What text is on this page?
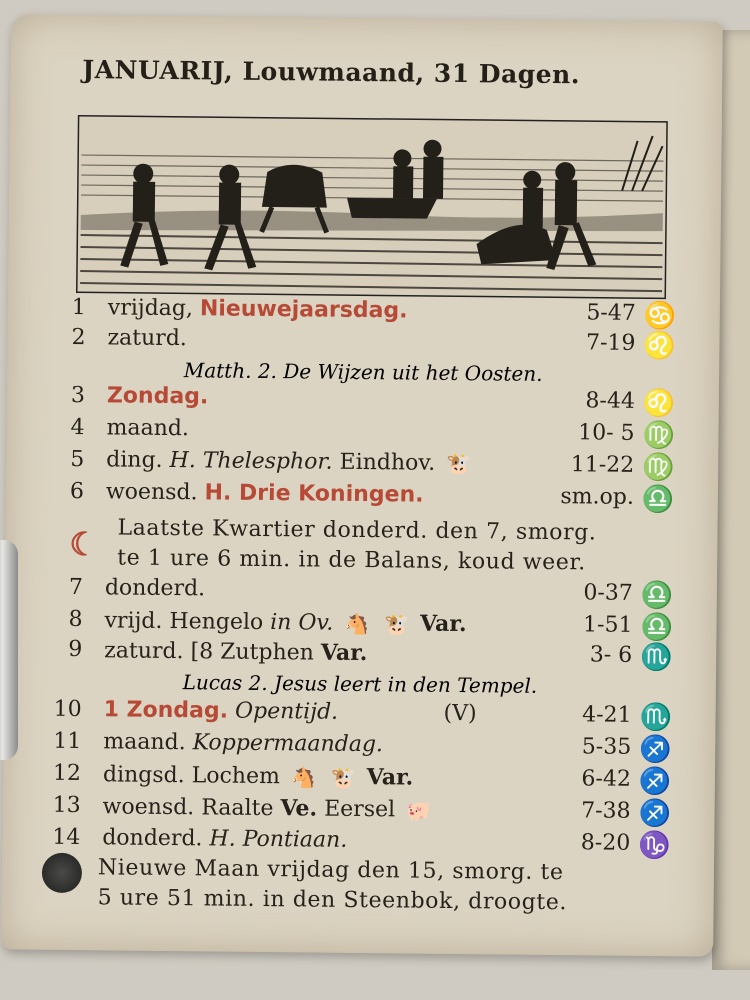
JANUARIJ, Louwmaand, 31 Dagen.
1 vrijdag, Nieuwejaarsdag.	5-47 ♋
2 zaturd.	7-19 ♌
Matth. 2. De Wijzen uit het Oosten.
3 Zondag.	8-44 ♌
4 maand.	10- 5 ♍
5 ding. H. Thelesphor. Eindhov. 🐮	11-22 ♍
6 woensd. H. Drie Koningen.	sm.op. ♎
☾ Laatste Kwartier donderd. den 7, smorg.
te 1 ure 6 min. in de Balans, koud weer.
7 donderd.	0-37 ♎
8 vrijd. Hengelo in Ov. 🐴 🐮 Var.	1-51 ♎
9 zaturd. [8 Zutphen Var.	3- 6 ♏
Lucas 2. Jesus leert in den Tempel.
10 1 Zondag. Opentijd.	(V)	4-21 ♏
11 maand. Koppermaandag.	5-35 ♐
12 dingsd. Lochem 🐴 🐮 Var.	6-42 ♐
13 woensd. Raalte Ve. Eersel 🐖	7-38 ♐
14 donderd. H. Pontiaan.	8-20 ♑
Nieuwe Maan vrijdag den 15, smorg. te
5 ure 51 min. in den Steenbok, droogte.
